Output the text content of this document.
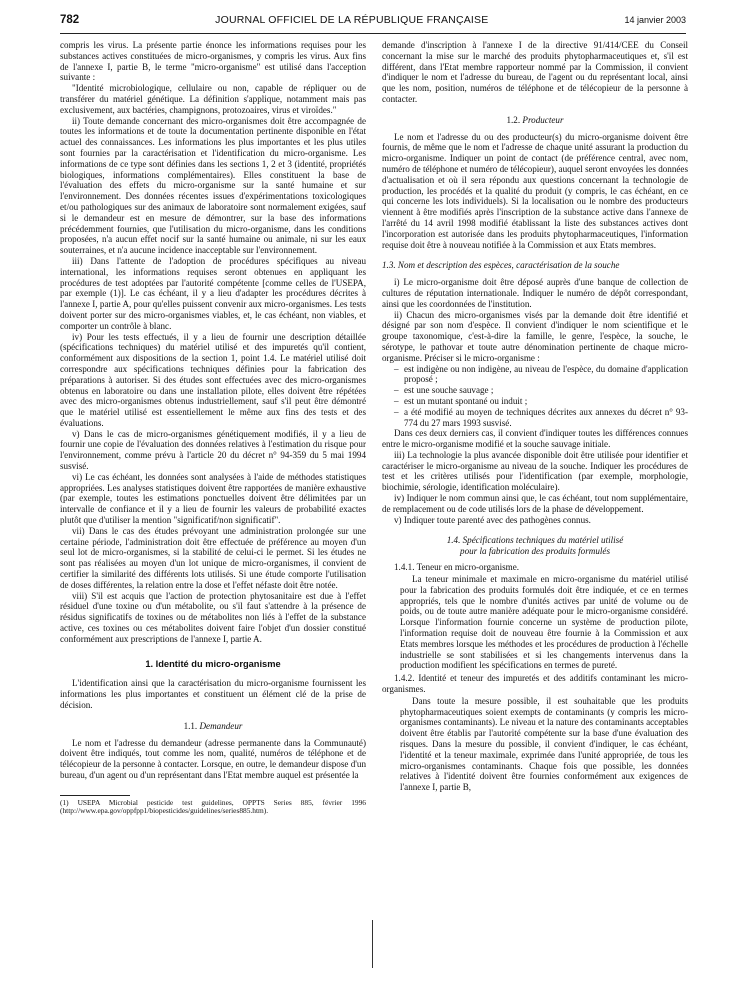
782	JOURNAL OFFICIEL DE LA RÉPUBLIQUE FRANÇAISE	14 janvier 2003

compris les virus. La présente partie énonce les informations requises pour les substances actives constituées de micro-organismes, y compris les virus. Aux fins de l'annexe I, partie B, le terme "micro-organisme" est utilisé dans l'acception suivante :

"Identité microbiologique, cellulaire ou non, capable de répliquer ou de transférer du matériel génétique. La définition s'applique, notamment mais pas exclusivement, aux bactéries, champignons, protozoaires, virus et viroïdes."

ii) Toute demande concernant des micro-organismes doit être accompagnée de toutes les informations et de toute la documentation pertinente disponible en l'état actuel des connaissances. Les informations les plus importantes et les plus utiles sont fournies par la caractérisation et l'identification du micro-organisme. Les informations de ce type sont définies dans les sections 1, 2 et 3 (identité, propriétés biologiques, informations complémentaires). Elles constituent la base de l'évaluation des effets du micro-organisme sur la santé humaine et sur l'environnement. Des données récentes issues d'expérimentations toxicologiques et/ou pathologiques sur des animaux de laboratoire sont normalement exigées, sauf si le demandeur est en mesure de démontrer, sur la base des informations précédemment fournies, que l'utilisation du micro-organisme, dans les conditions proposées, n'a aucun effet nocif sur la santé humaine ou animale, ni sur les eaux souterraines, et n'a aucune incidence inacceptable sur l'environnement.

iii) Dans l'attente de l'adoption de procédures spécifiques au niveau international, les informations requises seront obtenues en appliquant les procédures de test adoptées par l'autorité compétente [comme celles de l'USEPA, par exemple (1)]. Le cas échéant, il y a lieu d'adapter les procédures décrites à l'annexe I, partie A, pour qu'elles puissent convenir aux micro-organismes. Les tests doivent porter sur des micro-organismes viables, et, le cas échéant, non viables, et comporter un contrôle à blanc.

iv) Pour les tests effectués, il y a lieu de fournir une description détaillée (spécifications techniques) du matériel utilisé et des impuretés qu'il contient, conformément aux dispositions de la section 1, point 1.4. Le matériel utilisé doit correspondre aux spécifications techniques définies pour la fabrication des préparations à autoriser. Si des études sont effectuées avec des micro-organismes obtenus en laboratoire ou dans une installation pilote, elles doivent être répétées avec des micro-organismes obtenus industriellement, sauf s'il peut être démontré que le matériel utilisé est essentiellement le même aux fins des tests et des évaluations.

v) Dans le cas de micro-organismes génétiquement modifiés, il y a lieu de fournir une copie de l'évaluation des données relatives à l'estimation du risque pour l'environnement, comme prévu à l'article 20 du décret n° 94-359 du 5 mai 1994 susvisé.

vi) Le cas échéant, les données sont analysées à l'aide de méthodes statistiques appropriées. Les analyses statistiques doivent être rapportées de manière exhaustive (par exemple, toutes les estimations ponctuelles doivent être délimitées par un intervalle de confiance et il y a lieu de fournir les valeurs de probabilité exactes plutôt que d'utiliser la mention "significatif/non significatif".

vii) Dans le cas des études prévoyant une administration prolongée sur une certaine période, l'administration doit être effectuée de préférence au moyen d'un seul lot de micro-organismes, si la stabilité de celui-ci le permet. Si les études ne sont pas réalisées au moyen d'un lot unique de micro-organismes, il convient de certifier la similarité des différents lots utilisés. Si une étude comporte l'utilisation de doses différentes, la relation entre la dose et l'effet néfaste doit être notée.

viii) S'il est acquis que l'action de protection phytosanitaire est due à l'effet résiduel d'une toxine ou d'un métabolite, ou s'il faut s'attendre à la présence de résidus significatifs de toxines ou de métabolites non liés à l'effet de la substance active, ces toxines ou ces métabolites doivent faire l'objet d'un dossier constitué conformément aux prescriptions de l'annexe I, partie A.

1. Identité du micro-organisme

L'identification ainsi que la caractérisation du micro-organisme fournissent les informations les plus importantes et constituent un élément clé de la prise de décision.

1.1. Demandeur

Le nom et l'adresse du demandeur (adresse permanente dans la Communauté) doivent être indiqués, tout comme les nom, qualité, numéros de téléphone et de télécopieur de la personne à contacter. Lorsque, en outre, le demandeur dispose d'un bureau, d'un agent ou d'un représentant dans l'Etat membre auquel est présentée la

(1) USEPA Microbial pesticide test guidelines, OPPTS Series 885, février 1996 (http://www.epa.gov/oppfpp1/biopesticides/guidelines/series885.htm).

demande d'inscription à l'annexe I de la directive 91/414/CEE du Conseil concernant la mise sur le marché des produits phytopharmaceutiques et, s'il est différent, dans l'Etat membre rapporteur nommé par la Commission, il convient d'indiquer le nom et l'adresse du bureau, de l'agent ou du représentant local, ainsi que les nom, position, numéros de téléphone et de télécopieur de la personne à contacter.

1.2. Producteur

Le nom et l'adresse du ou des producteur(s) du micro-organisme doivent être fournis, de même que le nom et l'adresse de chaque unité assurant la production du micro-organisme. Indiquer un point de contact (de préférence central, avec nom, numéro de téléphone et numéro de télécopieur), auquel seront envoyées les données d'actualisation et où il sera répondu aux questions concernant la technologie de production, les procédés et la qualité du produit (y compris, le cas échéant, en ce qui concerne les lots individuels). Si la localisation ou le nombre des producteurs viennent à être modifiés après l'inscription de la substance active dans l'annexe de l'arrêté du 14 avril 1998 modifié établissant la liste des substances actives dont l'incorporation est autorisée dans les produits phytopharmaceutiques, l'information requise doit être à nouveau notifiée à la Commission et aux Etats membres.

1.3. Nom et description des espèces, caractérisation de la souche

i) Le micro-organisme doit être déposé auprès d'une banque de collection de cultures de réputation internationale. Indiquer le numéro de dépôt correspondant, ainsi que les coordonnées de l'institution.

ii) Chacun des micro-organismes visés par la demande doit être identifié et désigné par son nom d'espèce. Il convient d'indiquer le nom scientifique et le groupe taxonomique, c'est-à-dire la famille, le genre, l'espèce, la souche, le sérotype, le pathovar et toute autre dénomination pertinente de chaque micro-organisme. Préciser si le micro-organisme :

– est indigène ou non indigène, au niveau de l'espèce, du domaine d'application proposé ;
– est une souche sauvage ;
– est un mutant spontané ou induit ;
– a été modifié au moyen de techniques décrites aux annexes du décret n° 93-774 du 27 mars 1993 susvisé.

Dans ces deux derniers cas, il convient d'indiquer toutes les différences connues entre le micro-organisme modifié et la souche sauvage initiale.

iii) La technologie la plus avancée disponible doit être utilisée pour identifier et caractériser le micro-organisme au niveau de la souche. Indiquer les procédures de test et les critères utilisés pour l'identification (par exemple, morphologie, biochimie, sérologie, identification moléculaire).

iv) Indiquer le nom commun ainsi que, le cas échéant, tout nom supplémentaire, de remplacement ou de code utilisés lors de la phase de développement.

v) Indiquer toute parenté avec des pathogènes connus.

1.4. Spécifications techniques du matériel utilisé
pour la fabrication des produits formulés

1.4.1. Teneur en micro-organisme.

La teneur minimale et maximale en micro-organisme du matériel utilisé pour la fabrication des produits formulés doit être indiquée, et ce en termes appropriés, tels que le nombre d'unités actives par unité de volume ou de poids, ou de toute autre manière adéquate pour le micro-organisme considéré. Lorsque l'information fournie concerne un système de production pilote, l'information requise doit de nouveau être fournie à la Commission et aux Etats membres lorsque les méthodes et les procédures de production à l'échelle industrielle se sont stabilisées et si les changements intervenus dans la production modifient les spécifications en termes de pureté.

1.4.2. Identité et teneur des impuretés et des additifs contaminant les micro-organismes.

Dans toute la mesure possible, il est souhaitable que les produits phytopharmaceutiques soient exempts de contaminants (y compris les micro-organismes contaminants). Le niveau et la nature des contaminants acceptables doivent être établis par l'autorité compétente sur la base d'une évaluation des risques. Dans la mesure du possible, il convient d'indiquer, le cas échéant, l'identité et la teneur maximale, exprimée dans l'unité appropriée, de tous les micro-organismes contaminants. Chaque fois que possible, les données relatives à l'identité doivent être fournies conformément aux exigences de l'annexe I, partie B,
